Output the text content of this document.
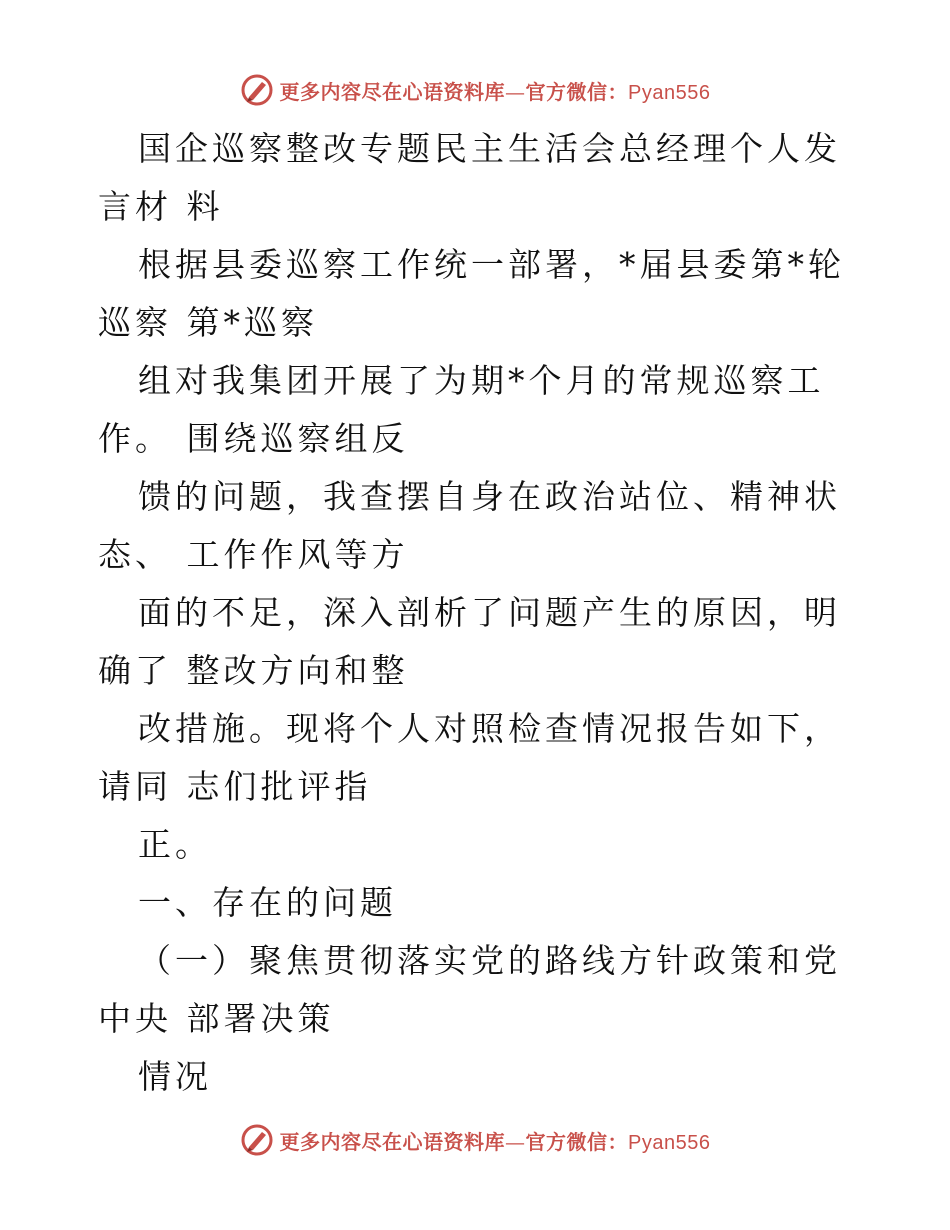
更多内容尽在心语资料库—官方微信：Pyan556
国企巡察整改专题民主生活会总经理个人发言材 料
根据县委巡察工作统一部署，*届县委第*轮巡察 第*巡察
组对我集团开展了为期*个月的常规巡察工作。 围绕巡察组反
馈的问题，我查摆自身在政治站位、精神状态、 工作作风等方
面的不足，深入剖析了问题产生的原因，明确了 整改方向和整
改措施。现将个人对照检查情况报告如下，请同 志们批评指
正。
一、存在的问题
（一）聚焦贯彻落实党的路线方针政策和党中央 部署决策
情况
更多内容尽在心语资料库—官方微信：Pyan556
